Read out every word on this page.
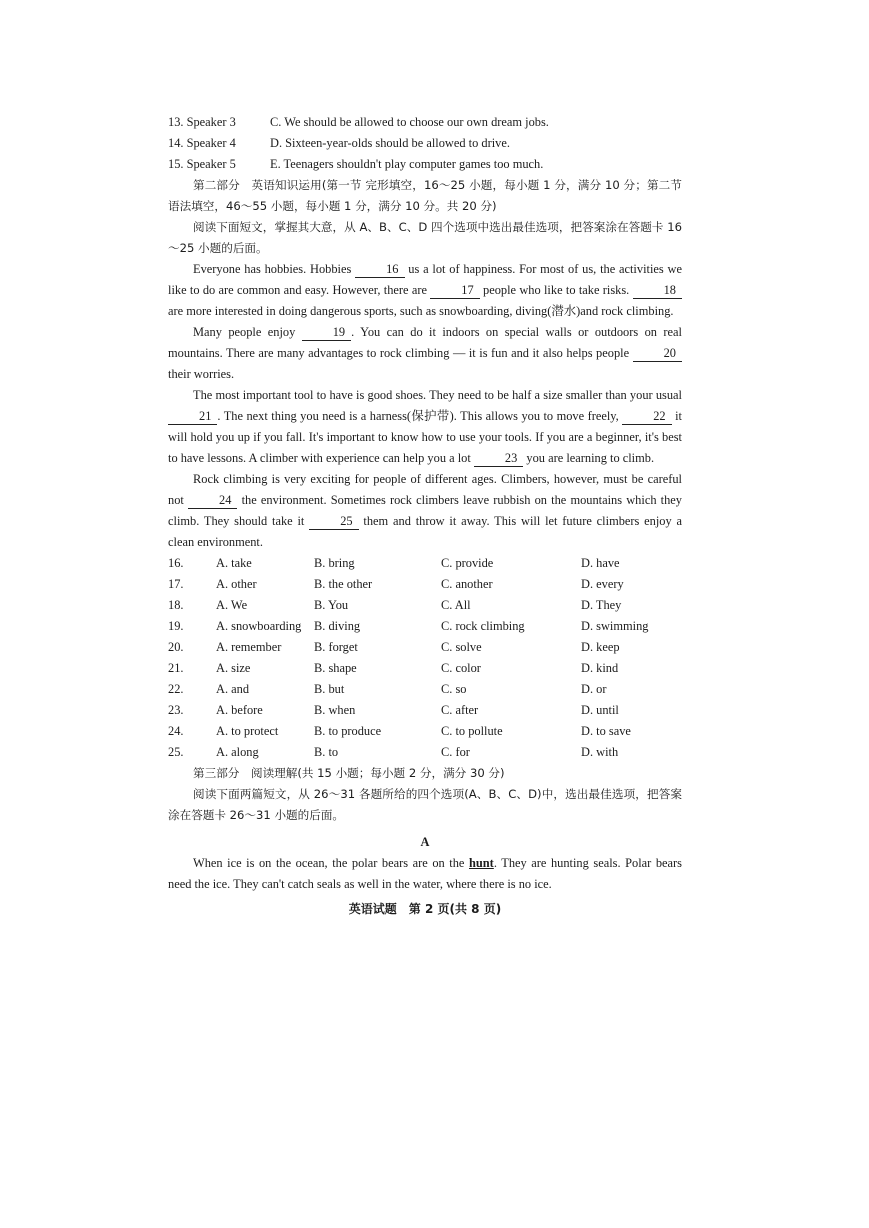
13. Speaker 3	C. We should be allowed to choose our own dream jobs.
14. Speaker 4	D. Sixteen-year-olds should be allowed to drive.
15. Speaker 5	E. Teenagers shouldn't play computer games too much.

第二部分　英语知识运用(第一节 完形填空，16～25 小题，每小题 1 分，满分 10 分；第二节 语法填空，46～55 小题，每小题 1 分，满分 10 分。共 20 分)

阅读下面短文，掌握其大意，从 A、B、C、D 四个选项中选出最佳选项，把答案涂在答题卡 16～25 小题的后面。

Everyone has hobbies. Hobbies	16 us a lot of happiness. For most of us, the activities we like to do are common and easy. However, there are	17 people who like to take risks.	18 are more interested in doing dangerous sports, such as snowboarding, diving(潜水)and rock climbing.

Many people enjoy	19 . You can do it indoors on special walls or outdoors on real mountains. There are many advantages to rock climbing — it is fun and it also helps people	20 their worries.

The most important tool to have is good shoes. They need to be half a size smaller than your usual 21 . The next thing you need is a harness(保护带). This allows you to move freely,	22 it will hold you up if you fall. It's important to know how to use your tools. If you are a beginner, it's best to have lessons. A climber with experience can help you a lot	23 you are learning to climb.

Rock climbing is very exciting for people of different ages. Climbers, however, must be careful not	24 the environment. Sometimes rock climbers leave rubbish on the mountains which they climb. They should take it	25 them and throw it away. This will let future climbers enjoy a clean environment.

16.	A. take	B. bring	C. provide	D. have
17.	A. other	B. the other	C. another	D. every
18.	A. We	B. You	C. All	D. They
19.	A. snowboarding	B. diving	C. rock climbing	D. swimming
20.	A. remember	B. forget	C. solve	D. keep
21.	A. size	B. shape	C. color	D. kind
22.	A. and	B. but	C. so	D. or
23.	A. before	B. when	C. after	D. until
24.	A. to protect	B. to produce	C. to pollute	D. to save
25.	A. along	B. to	C. for	D. with

第三部分　阅读理解(共 15 小题；每小题 2 分，满分 30 分)

阅读下面两篇短文，从 26～31 各题所给的四个选项(A、B、C、D)中，选出最佳选项，把答案涂在答题卡 26～31 小题的后面。

A

When ice is on the ocean, the polar bears are on the hunt. They are hunting seals. Polar bears need the ice. They can't catch seals as well in the water, where there is no ice.

英语试题　第 2 页(共 8 页)
